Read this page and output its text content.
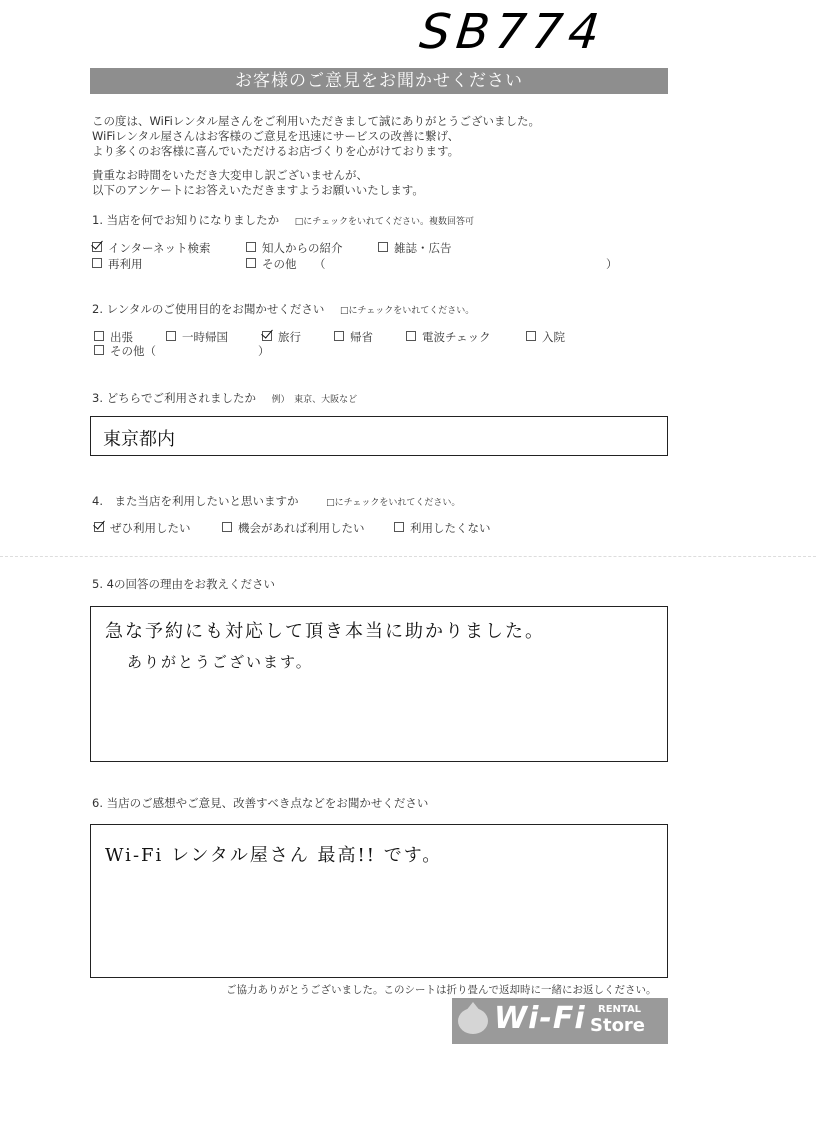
SB774
お客様のご意見をお聞かせください
この度は、WiFiレンタル屋さんをご利用いただきまして誠にありがとうございました。
WiFiレンタル屋さんはお客様のご意見を迅速にサービスの改善に繋げ、
より多くのお客様に喜んでいただけるお店づくりを心がけております。
貴重なお時間をいただき大変申し訳ございませんが、
以下のアンケートにお答えいただきますようお願いいたします。
1. 当店を何でお知りになりましたか □にチェックをいれてください。複数回答可
インターネット検索	知人からの紹介	雑誌・広告
再利用	その他 （	）
2. レンタルのご使用目的をお聞かせください □にチェックをいれてください。
出張	一時帰国	旅行	帰省	電波チェック	入院
その他（	）
3. どちらでご利用されましたか 例）　東京、大阪など
東京都内
4.　また当店を利用したいと思いますか	□にチェックをいれてください。
ぜひ利用したい	機会があれば利用したい	利用したくない
5. 4の回答の理由をお教えください
急な予約にも対応して頂き本当に助かりました。
ありがとうございます。
6. 当店のご感想やご意見、改善すべき点などをお聞かせください
Wi-Fi レンタル屋さん 最高!! です。
ご協力ありがとうございました。このシートは折り畳んで返却時に一緒にお返しください。
Wi-Fi RENTAL
Store
